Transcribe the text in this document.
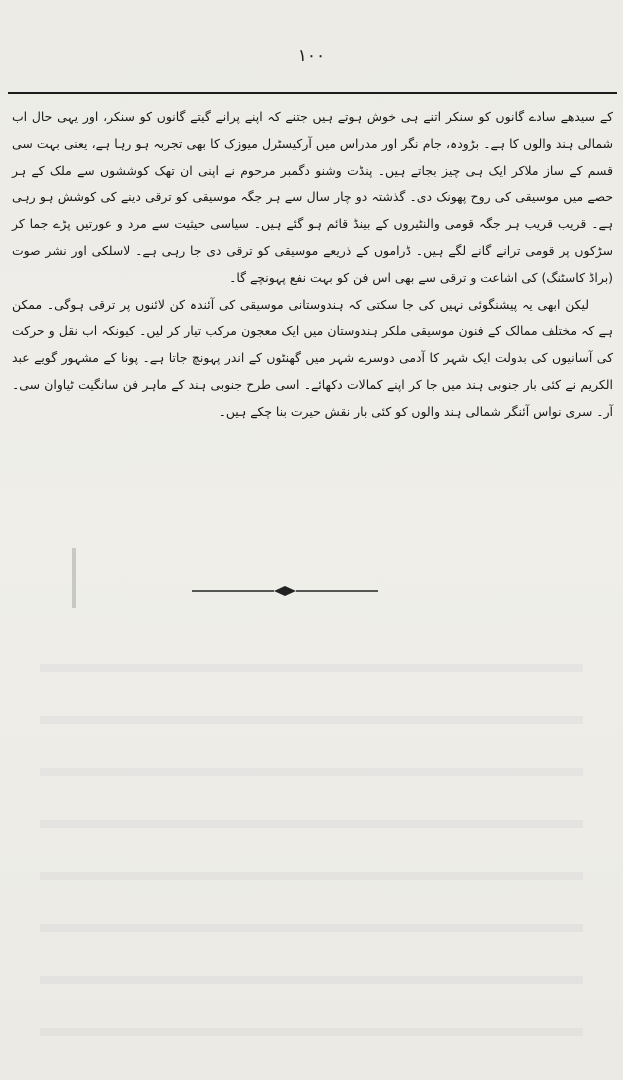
۱۰۰

کے سیدھے سادے گانوں کو سنکر اتنے ہی خوش ہوتے ہیں جتنے کہ اپنے پرانے گیتے گانوں کو سنکر، اور یہی حال اب شمالی ہند والوں کا ہے۔ بڑودہ، جام نگر اور مدراس میں آرکیسٹرل میوزک کا بھی تجربہ ہو رہا ہے، یعنی بہت سی قسم کے ساز ملاکر ایک ہی چیز بجاتے ہیں۔ پنڈت وشنو دگمبر مرحوم نے اپنی ان تھک کوششوں سے ملک کے ہر حصے میں موسیقی کی روح پھونک دی۔ گذشتہ دو چار سال سے ہر جگہ موسیقی کو ترقی دینے کی کوشش ہو رہی ہے۔ قریب قریب ہر جگہ قومی والنٹیروں کے بینڈ قائم ہو گئے ہیں۔ سیاسی حیثیت سے مرد و عورتیں پڑے جما کر سڑکوں پر قومی ترانے گانے لگے ہیں۔ ڈراموں کے ذریعے موسیقی کو ترقی دی جا رہی ہے۔ لاسلکی اور نشر صوت (براڈ کاسٹنگ) کی اشاعت و ترقی سے بھی اس فن کو بہت نفع پہونچے گا۔

لیکن ابھی یہ پیشنگوئی نہیں کی جا سکتی کہ ہندوستانی موسیقی کی آئندہ کن لائنوں پر ترقی ہوگی۔ ممکن ہے کہ مختلف ممالک کے فنون موسیقی ملکر ہندوستان میں ایک معجون مرکب تیار کر لیں۔ کیونکہ اب نقل و حرکت کی آسانیوں کی بدولت ایک شہر کا آدمی دوسرے شہر میں گھنٹوں کے اندر پہونچ جاتا ہے۔ پونا کے مشہور گویے عبد الکریم نے کئی بار جنوبی ہند میں جا کر اپنے کمالات دکھائے۔ اسی طرح جنوبی ہند کے ماہر فن سانگیت ٹیاوان سی۔ آر۔ سری نواس آئنگر شمالی ہند والوں کو کئی بار نقش حیرت بنا چکے ہیں۔
